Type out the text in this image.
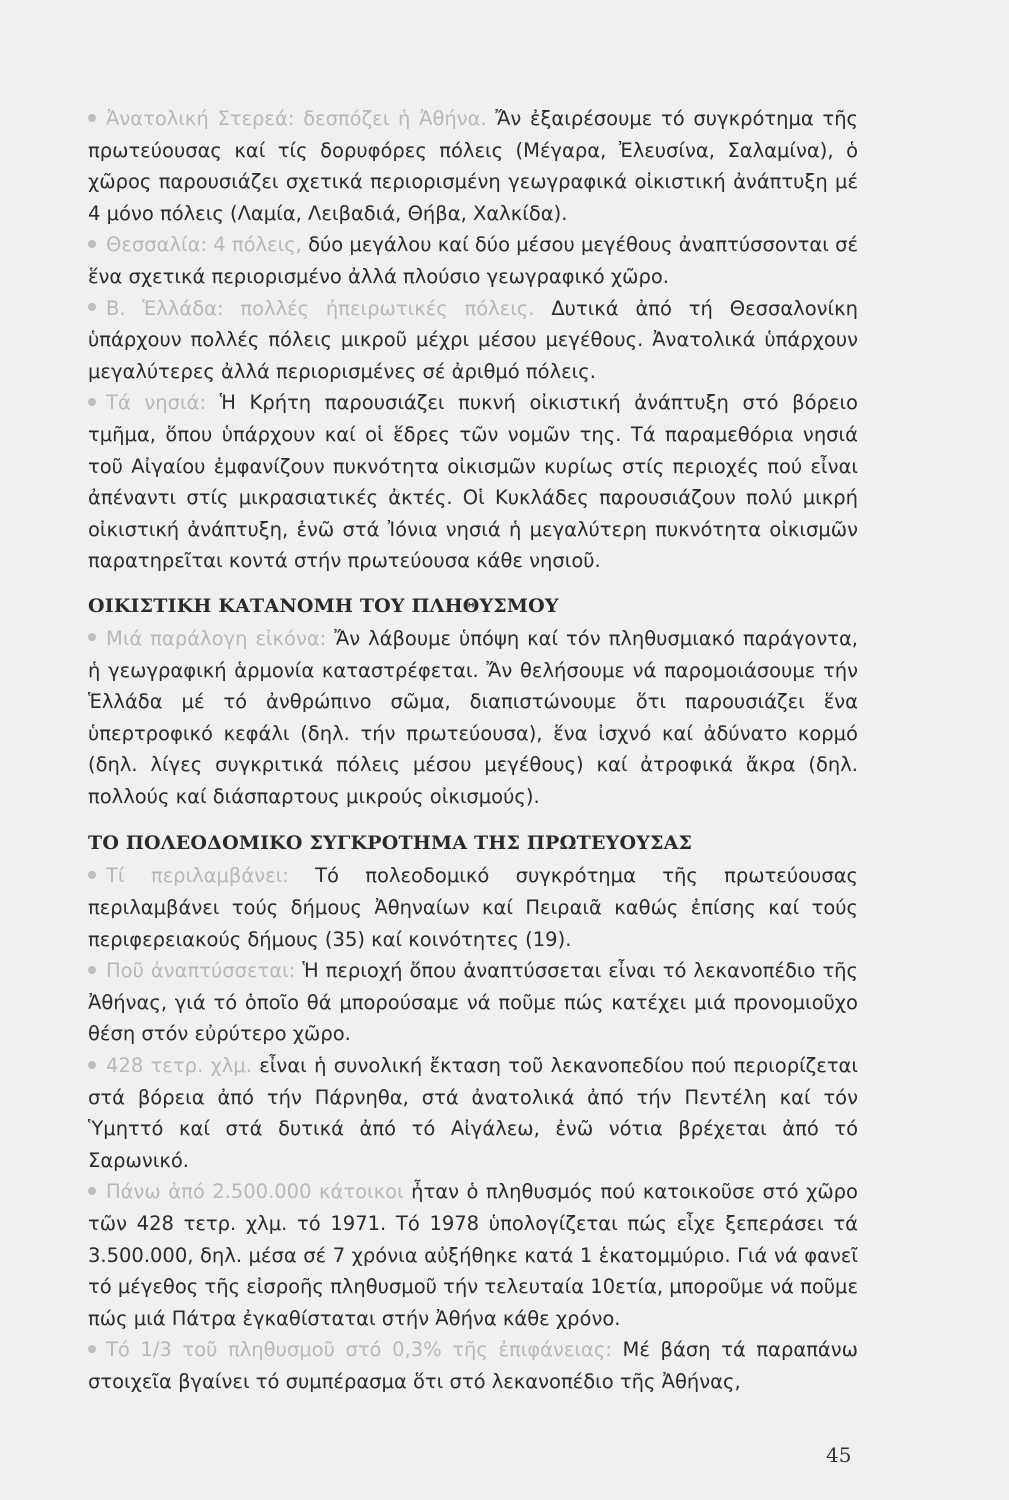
Ἀνατολική Στερεά: δεσπόζει ἡ Ἀθήνα. Ἄν ἐξαιρέσουμε τό συγκρότημα τῆς πρωτεύουσας καί τίς δορυφόρες πόλεις (Μέγαρα, Ἐλευσίνα, Σαλαμίνα), ὁ χῶρος παρουσιάζει σχετικά περιορισμένη γεωγραφικά οἰκιστική ἀνάπτυξη μέ 4 μόνο πόλεις (Λαμία, Λειβαδιά, Θήβα, Χαλκίδα).

Θεσσαλία: 4 πόλεις, δύο μεγάλου καί δύο μέσου μεγέθους ἀναπτύσσονται σέ ἕνα σχετικά περιορισμένο ἀλλά πλούσιο γεωγραφικό χῶρο.

Β. Ἑλλάδα: πολλές ἠπειρωτικές πόλεις. Δυτικά ἀπό τή Θεσσαλονίκη ὑπάρχουν πολλές πόλεις μικροῦ μέχρι μέσου μεγέθους. Ἀνατολικά ὑπάρχουν μεγαλύτερες ἀλλά περιορισμένες σέ ἀριθμό πόλεις.

Τά νησιά: Ἡ Κρήτη παρουσιάζει πυκνή οἰκιστική ἀνάπτυξη στό βόρειο τμῆμα, ὅπου ὑπάρχουν καί οἱ ἕδρες τῶν νομῶν της. Τά παραμεθόρια νησιά τοῦ Αἰγαίου ἐμφανίζουν πυκνότητα οἰκισμῶν κυρίως στίς περιοχές πού εἶναι ἀπέναντι στίς μικρασιατικές ἀκτές. Οἱ Κυκλάδες παρουσιάζουν πολύ μικρή οἰκιστική ἀνάπτυξη, ἐνῶ στά Ἰόνια νησιά ἡ μεγαλύτερη πυκνότητα οἰκισμῶν παρατηρεῖται κοντά στήν πρωτεύουσα κάθε νησιοῦ.

ΟΙΚΙΣΤΙΚΗ ΚΑΤΑΝΟΜΗ ΤΟΥ ΠΛΗΘΥΣΜΟΥ

Μιά παράλογη εἰκόνα: Ἄν λάβουμε ὑπόψη καί τόν πληθυσμιακό παράγοντα, ἡ γεωγραφική ἁρμονία καταστρέφεται. Ἄν θελήσουμε νά παρομοιάσουμε τήν Ἑλλάδα μέ τό ἀνθρώπινο σῶμα, διαπιστώνουμε ὅτι παρουσιάζει ἕνα ὑπερτροφικό κεφάλι (δηλ. τήν πρωτεύουσα), ἕνα ἰσχνό καί ἀδύνατο κορμό (δηλ. λίγες συγκριτικά πόλεις μέσου μεγέθους) καί ἀτροφικά ἄκρα (δηλ. πολλούς καί διάσπαρτους μικρούς οἰκισμούς).

ΤΟ ΠΟΛΕΟΔΟΜΙΚΟ ΣΥΓΚΡΟΤΗΜΑ ΤΗΣ ΠΡΩΤΕΥΟΥΣΑΣ

Τί περιλαμβάνει: Τό πολεοδομικό συγκρότημα τῆς πρωτεύουσας περιλαμβάνει τούς δήμους Ἀθηναίων καί Πειραιᾶ καθώς ἐπίσης καί τούς περιφερειακούς δήμους (35) καί κοινότητες (19).

Ποῦ ἀναπτύσσεται: Ἡ περιοχή ὅπου ἀναπτύσσεται εἶναι τό λεκανοπέδιο τῆς Ἀθήνας, γιά τό ὁποῖο θά μπορούσαμε νά ποῦμε πώς κατέχει μιά προνομιοῦχο θέση στόν εὐρύτερο χῶρο.

428 τετρ. χλμ. εἶναι ἡ συνολική ἔκταση τοῦ λεκανοπεδίου πού περιορίζεται στά βόρεια ἀπό τήν Πάρνηθα, στά ἀνατολικά ἀπό τήν Πεντέλη καί τόν Ὑμηττό καί στά δυτικά ἀπό τό Αἰγάλεω, ἐνῶ νότια βρέχεται ἀπό τό Σαρωνικό.

Πάνω ἀπό 2.500.000 κάτοικοι ἦταν ὁ πληθυσμός πού κατοικοῦσε στό χῶρο τῶν 428 τετρ. χλμ. τό 1971. Τό 1978 ὑπολογίζεται πώς εἶχε ξεπεράσει τά 3.500.000, δηλ. μέσα σέ 7 χρόνια αὐξήθηκε κατά 1 ἑκατομμύριο. Γιά νά φανεῖ τό μέγεθος τῆς εἰσροῆς πληθυσμοῦ τήν τελευταία 10ετία, μποροῦμε νά ποῦμε πώς μιά Πάτρα ἐγκαθίσταται στήν Ἀθήνα κάθε χρόνο.

Τό 1/3 τοῦ πληθυσμοῦ στό 0,3% τῆς ἐπιφάνειας: Μέ βάση τά παραπάνω στοιχεῖα βγαίνει τό συμπέρασμα ὅτι στό λεκανοπέδιο τῆς Ἀθήνας,

45
